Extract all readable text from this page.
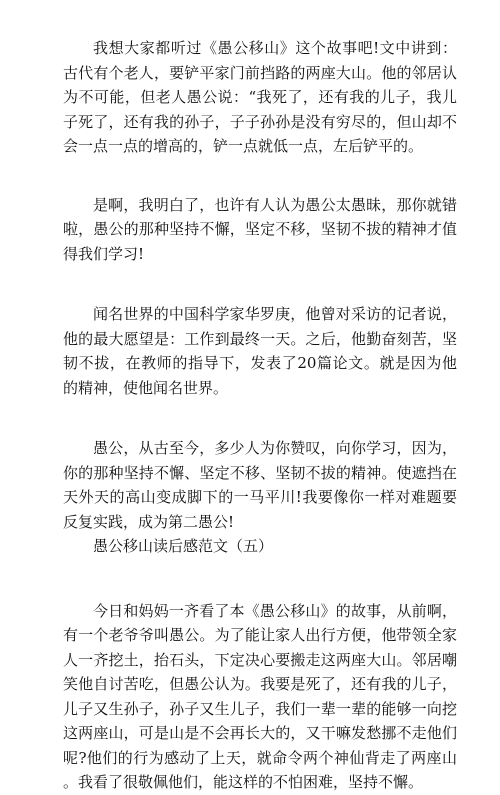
我想大家都听过《愚公移山》这个故事吧!文中讲到：古代有个老人，要铲平家门前挡路的两座大山。他的邻居认为不可能，但老人愚公说：“我死了，还有我的儿子，我儿子死了，还有我的孙子，子子孙孙是没有穷尽的，但山却不会一点一点的增高的，铲一点就低一点，左后铲平的。

是啊，我明白了，也许有人认为愚公太愚昧，那你就错啦，愚公的那种坚持不懈，坚定不移，坚韧不拔的精神才值得我们学习!

闻名世界的中国科学家华罗庚，他曾对采访的记者说，他的最大愿望是：工作到最终一天。之后，他勤奋刻苦，坚韧不拔，在教师的指导下，发表了20篇论文。就是因为他的精神，使他闻名世界。

愚公，从古至今，多少人为你赞叹，向你学习，因为，你的那种坚持不懈、坚定不移、坚韧不拔的精神。使遮挡在天外天的高山变成脚下的一马平川!我要像你一样对难题要反复实践，成为第二愚公!

愚公移山读后感范文（五）

今日和妈妈一齐看了本《愚公移山》的故事，从前啊，有一个老爷爷叫愚公。为了能让家人出行方便，他带领全家人一齐挖土，抬石头，下定决心要搬走这两座大山。邻居嘲笑他自讨苦吃，但愚公认为。我要是死了，还有我的儿子，儿子又生孙子，孙子又生儿子，我们一辈一辈的能够一向挖这两座山，可是山是不会再长大的，又干嘛发愁挪不走他们呢?他们的行为感动了上天，就命令两个神仙背走了两座山。我看了很敬佩他们，能这样的不怕困难，坚持不懈。
